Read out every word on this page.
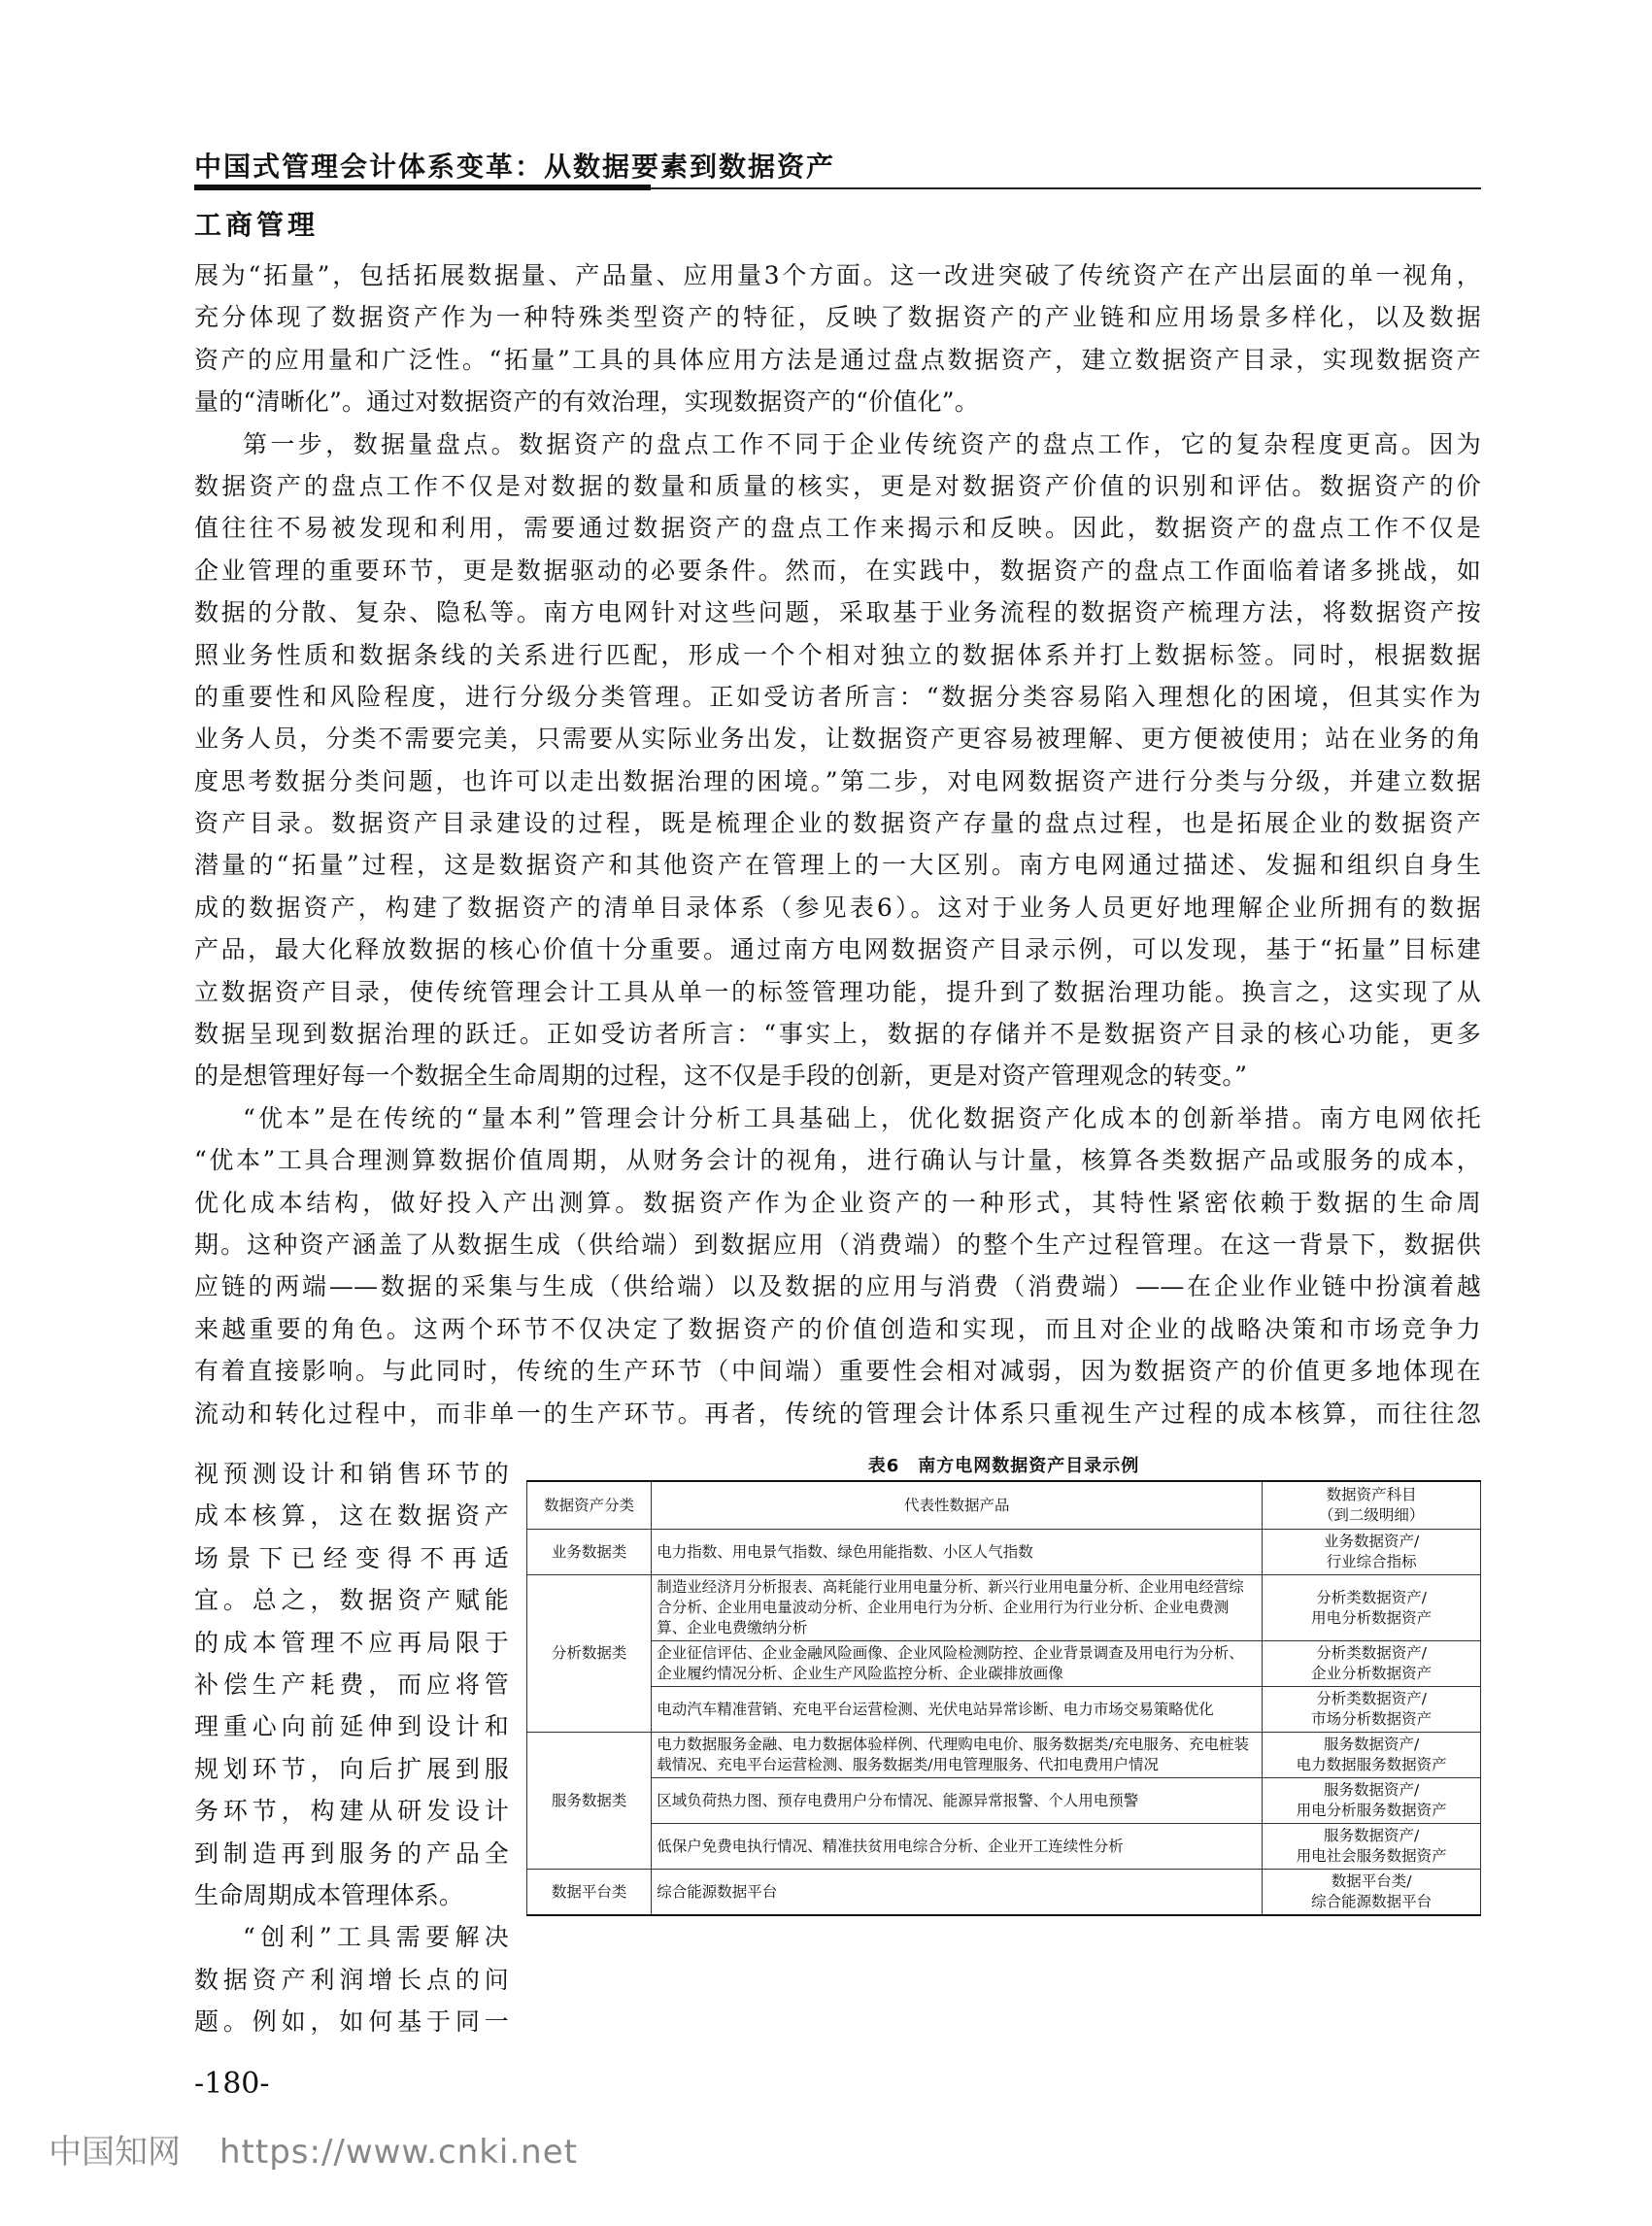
中国式管理会计体系变革：从数据要素到数据资产
工商管理
展为“拓量”，包括拓展数据量、产品量、应用量3个方面。这一改进突破了传统资产在产出层面的单一视角，
充分体现了数据资产作为一种特殊类型资产的特征，反映了数据资产的产业链和应用场景多样化，以及数据
资产的应用量和广泛性。“拓量”工具的具体应用方法是通过盘点数据资产，建立数据资产目录，实现数据资产
量的“清晰化”。通过对数据资产的有效治理，实现数据资产的“价值化”。
第一步，数据量盘点。数据资产的盘点工作不同于企业传统资产的盘点工作，它的复杂程度更高。因为
数据资产的盘点工作不仅是对数据的数量和质量的核实，更是对数据资产价值的识别和评估。数据资产的价
值往往不易被发现和利用，需要通过数据资产的盘点工作来揭示和反映。因此，数据资产的盘点工作不仅是
企业管理的重要环节，更是数据驱动的必要条件。然而，在实践中，数据资产的盘点工作面临着诸多挑战，如
数据的分散、复杂、隐私等。南方电网针对这些问题，采取基于业务流程的数据资产梳理方法，将数据资产按
照业务性质和数据条线的关系进行匹配，形成一个个相对独立的数据体系并打上数据标签。同时，根据数据
的重要性和风险程度，进行分级分类管理。正如受访者所言：“数据分类容易陷入理想化的困境，但其实作为
业务人员，分类不需要完美，只需要从实际业务出发，让数据资产更容易被理解、更方便被使用；站在业务的角
度思考数据分类问题，也许可以走出数据治理的困境。”第二步，对电网数据资产进行分类与分级，并建立数据
资产目录。数据资产目录建设的过程，既是梳理企业的数据资产存量的盘点过程，也是拓展企业的数据资产
潜量的“拓量”过程，这是数据资产和其他资产在管理上的一大区别。南方电网通过描述、发掘和组织自身生
成的数据资产，构建了数据资产的清单目录体系（参见表6）。这对于业务人员更好地理解企业所拥有的数据
产品，最大化释放数据的核心价值十分重要。通过南方电网数据资产目录示例，可以发现，基于“拓量”目标建
立数据资产目录，使传统管理会计工具从单一的标签管理功能，提升到了数据治理功能。换言之，这实现了从
数据呈现到数据治理的跃迁。正如受访者所言：“事实上，数据的存储并不是数据资产目录的核心功能，更多
的是想管理好每一个数据全生命周期的过程，这不仅是手段的创新，更是对资产管理观念的转变。”
“优本”是在传统的“量本利”管理会计分析工具基础上，优化数据资产化成本的创新举措。南方电网依托
“优本”工具合理测算数据价值周期，从财务会计的视角，进行确认与计量，核算各类数据产品或服务的成本，
优化成本结构，做好投入产出测算。数据资产作为企业资产的一种形式，其特性紧密依赖于数据的生命周
期。这种资产涵盖了从数据生成（供给端）到数据应用（消费端）的整个生产过程管理。在这一背景下，数据供
应链的两端——数据的采集与生成（供给端）以及数据的应用与消费（消费端）——在企业作业链中扮演着越
来越重要的角色。这两个环节不仅决定了数据资产的价值创造和实现，而且对企业的战略决策和市场竞争力
有着直接影响。与此同时，传统的生产环节（中间端）重要性会相对减弱，因为数据资产的价值更多地体现在
流动和转化过程中，而非单一的生产环节。再者，传统的管理会计体系只重视生产过程的成本核算，而往往忽
视预测设计和销售环节的
成本核算，这在数据资产
场景下已经变得不再适
宜。总之，数据资产赋能
的成本管理不应再局限于
补偿生产耗费，而应将管
理重心向前延伸到设计和
规划环节，向后扩展到服
务环节，构建从研发设计
到制造再到服务的产品全
生命周期成本管理体系。
“创利”工具需要解决
数据资产利润增长点的问
题。例如，如何基于同一
表6　南方电网数据资产目录示例
数据资产分类	代表性数据产品	数据资产科目
（到二级明细）
业务数据类	电力指数、用电景气指数、绿色用能指数、小区人气指数	业务数据资产/
行业综合指标
分析数据类	制造业经济月分析报表、高耗能行业用电量分析、新兴行业用电量分析、企业用电经营综合分析、企业用电量波动分析、企业用电行为分析、企业用行为行业分析、企业电费测算、企业电费缴纳分析	分析类数据资产/
用电分析数据资产
	企业征信评估、企业金融风险画像、企业风险检测防控、企业背景调查及用电行为分析、企业履约情况分析、企业生产风险监控分析、企业碳排放画像	分析类数据资产/
企业分析数据资产
	电动汽车精准营销、充电平台运营检测、光伏电站异常诊断、电力市场交易策略优化	分析类数据资产/
市场分析数据资产
服务数据类	电力数据服务金融、电力数据体验样例、代理购电电价、服务数据类/充电服务、充电桩装载情况、充电平台运营检测、服务数据类/用电管理服务、代扣电费用户情况	服务数据资产/
电力数据服务数据资产
	区域负荷热力图、预存电费用户分布情况、能源异常报警、个人用电预警	服务数据资产/
用电分析服务数据资产
	低保户免费电执行情况、精准扶贫用电综合分析、企业开工连续性分析	服务数据资产/
用电社会服务数据资产
数据平台类	综合能源数据平台	数据平台类/
综合能源数据平台
-180-
中国知网 https://www.cnki.net
